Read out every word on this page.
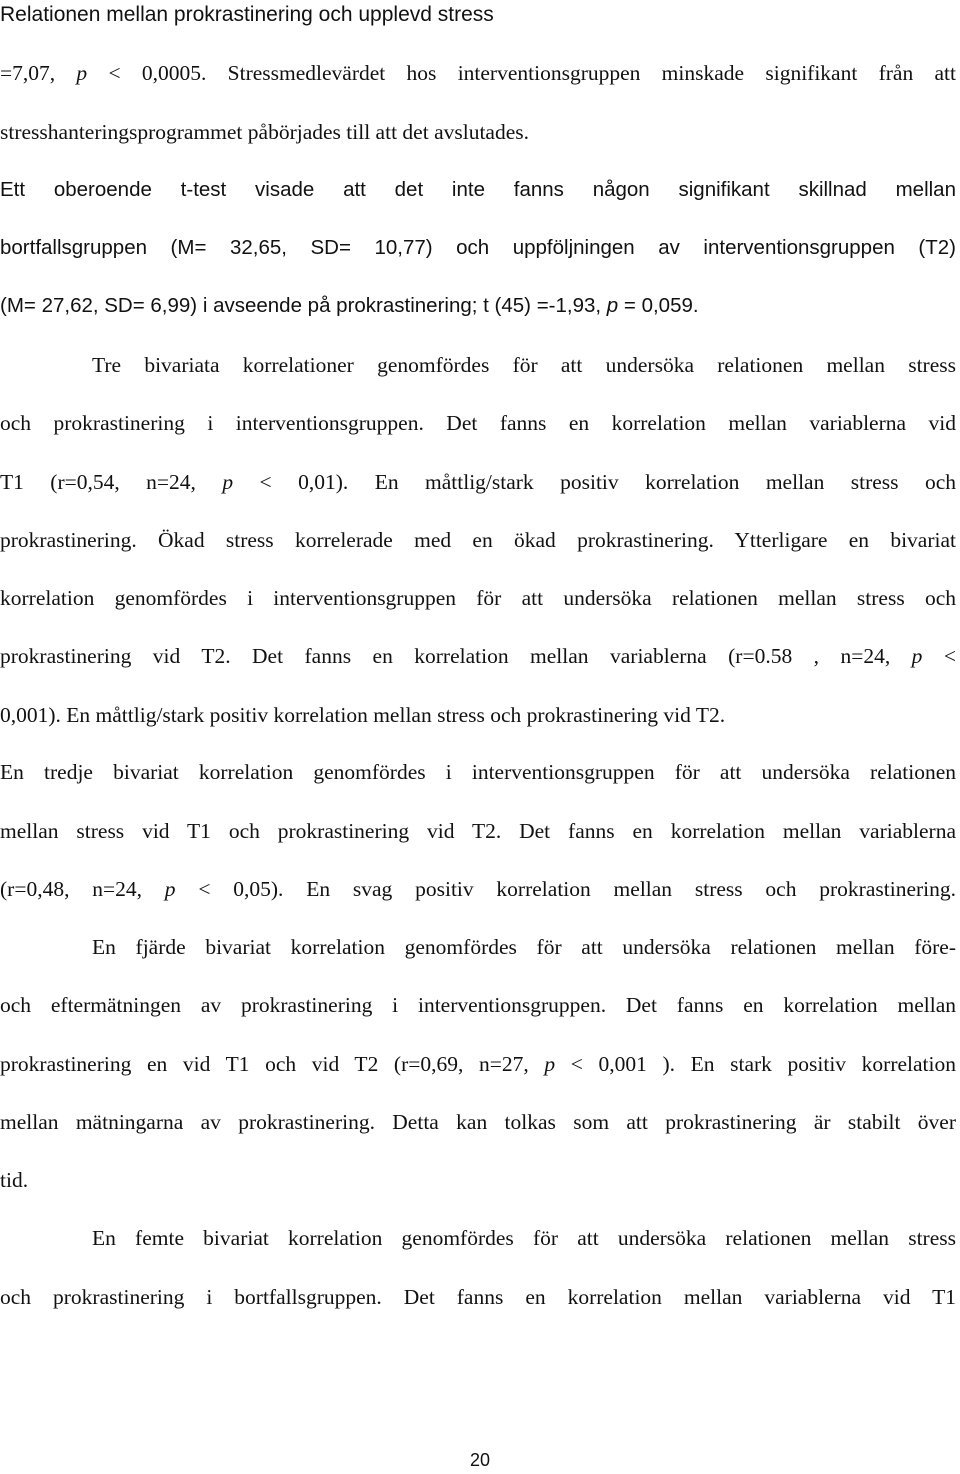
Relationen mellan prokrastinering och upplevd stress
=7,07, p < 0,0005. Stressmedlevärdet hos interventionsgruppen minskade signifikant från att
stresshanteringsprogrammet påbörjades till att det avslutades.
Ett oberoende t-test visade att det inte fanns någon signifikant skillnad mellan
bortfallsgruppen (M= 32,65, SD= 10,77) och uppföljningen av interventionsgruppen (T2)
(M= 27,62, SD= 6,99) i avseende på prokrastinering; t (45) =-1,93, p = 0,059.
Tre bivariata korrelationer genomfördes för att undersöka relationen mellan stress
och prokrastinering i interventionsgruppen. Det fanns en korrelation mellan variablerna vid
T1 (r=0,54, n=24, p < 0,01). En måttlig/stark positiv korrelation mellan stress och
prokrastinering. Ökad stress korrelerade med en ökad prokrastinering. Ytterligare en bivariat
korrelation genomfördes i interventionsgruppen för att undersöka relationen mellan stress och
prokrastinering vid T2. Det fanns en korrelation mellan variablerna (r=0.58 , n=24, p <
0,001). En måttlig/stark positiv korrelation mellan stress och prokrastinering vid T2.
En tredje bivariat korrelation genomfördes i interventionsgruppen för att undersöka relationen
mellan stress vid T1 och prokrastinering vid T2. Det fanns en korrelation mellan variablerna
(r=0,48, n=24, p < 0,05). En svag positiv korrelation mellan stress och prokrastinering.
En fjärde bivariat korrelation genomfördes för att undersöka relationen mellan före-
och eftermätningen av prokrastinering i interventionsgruppen. Det fanns en korrelation mellan
prokrastinering en vid T1 och vid T2 (r=0,69, n=27, p < 0,001 ). En stark positiv korrelation
mellan mätningarna av prokrastinering. Detta kan tolkas som att prokrastinering är stabilt över
tid.
En femte bivariat korrelation genomfördes för att undersöka relationen mellan stress
och prokrastinering i bortfallsgruppen. Det fanns en korrelation mellan variablerna vid T1
20
